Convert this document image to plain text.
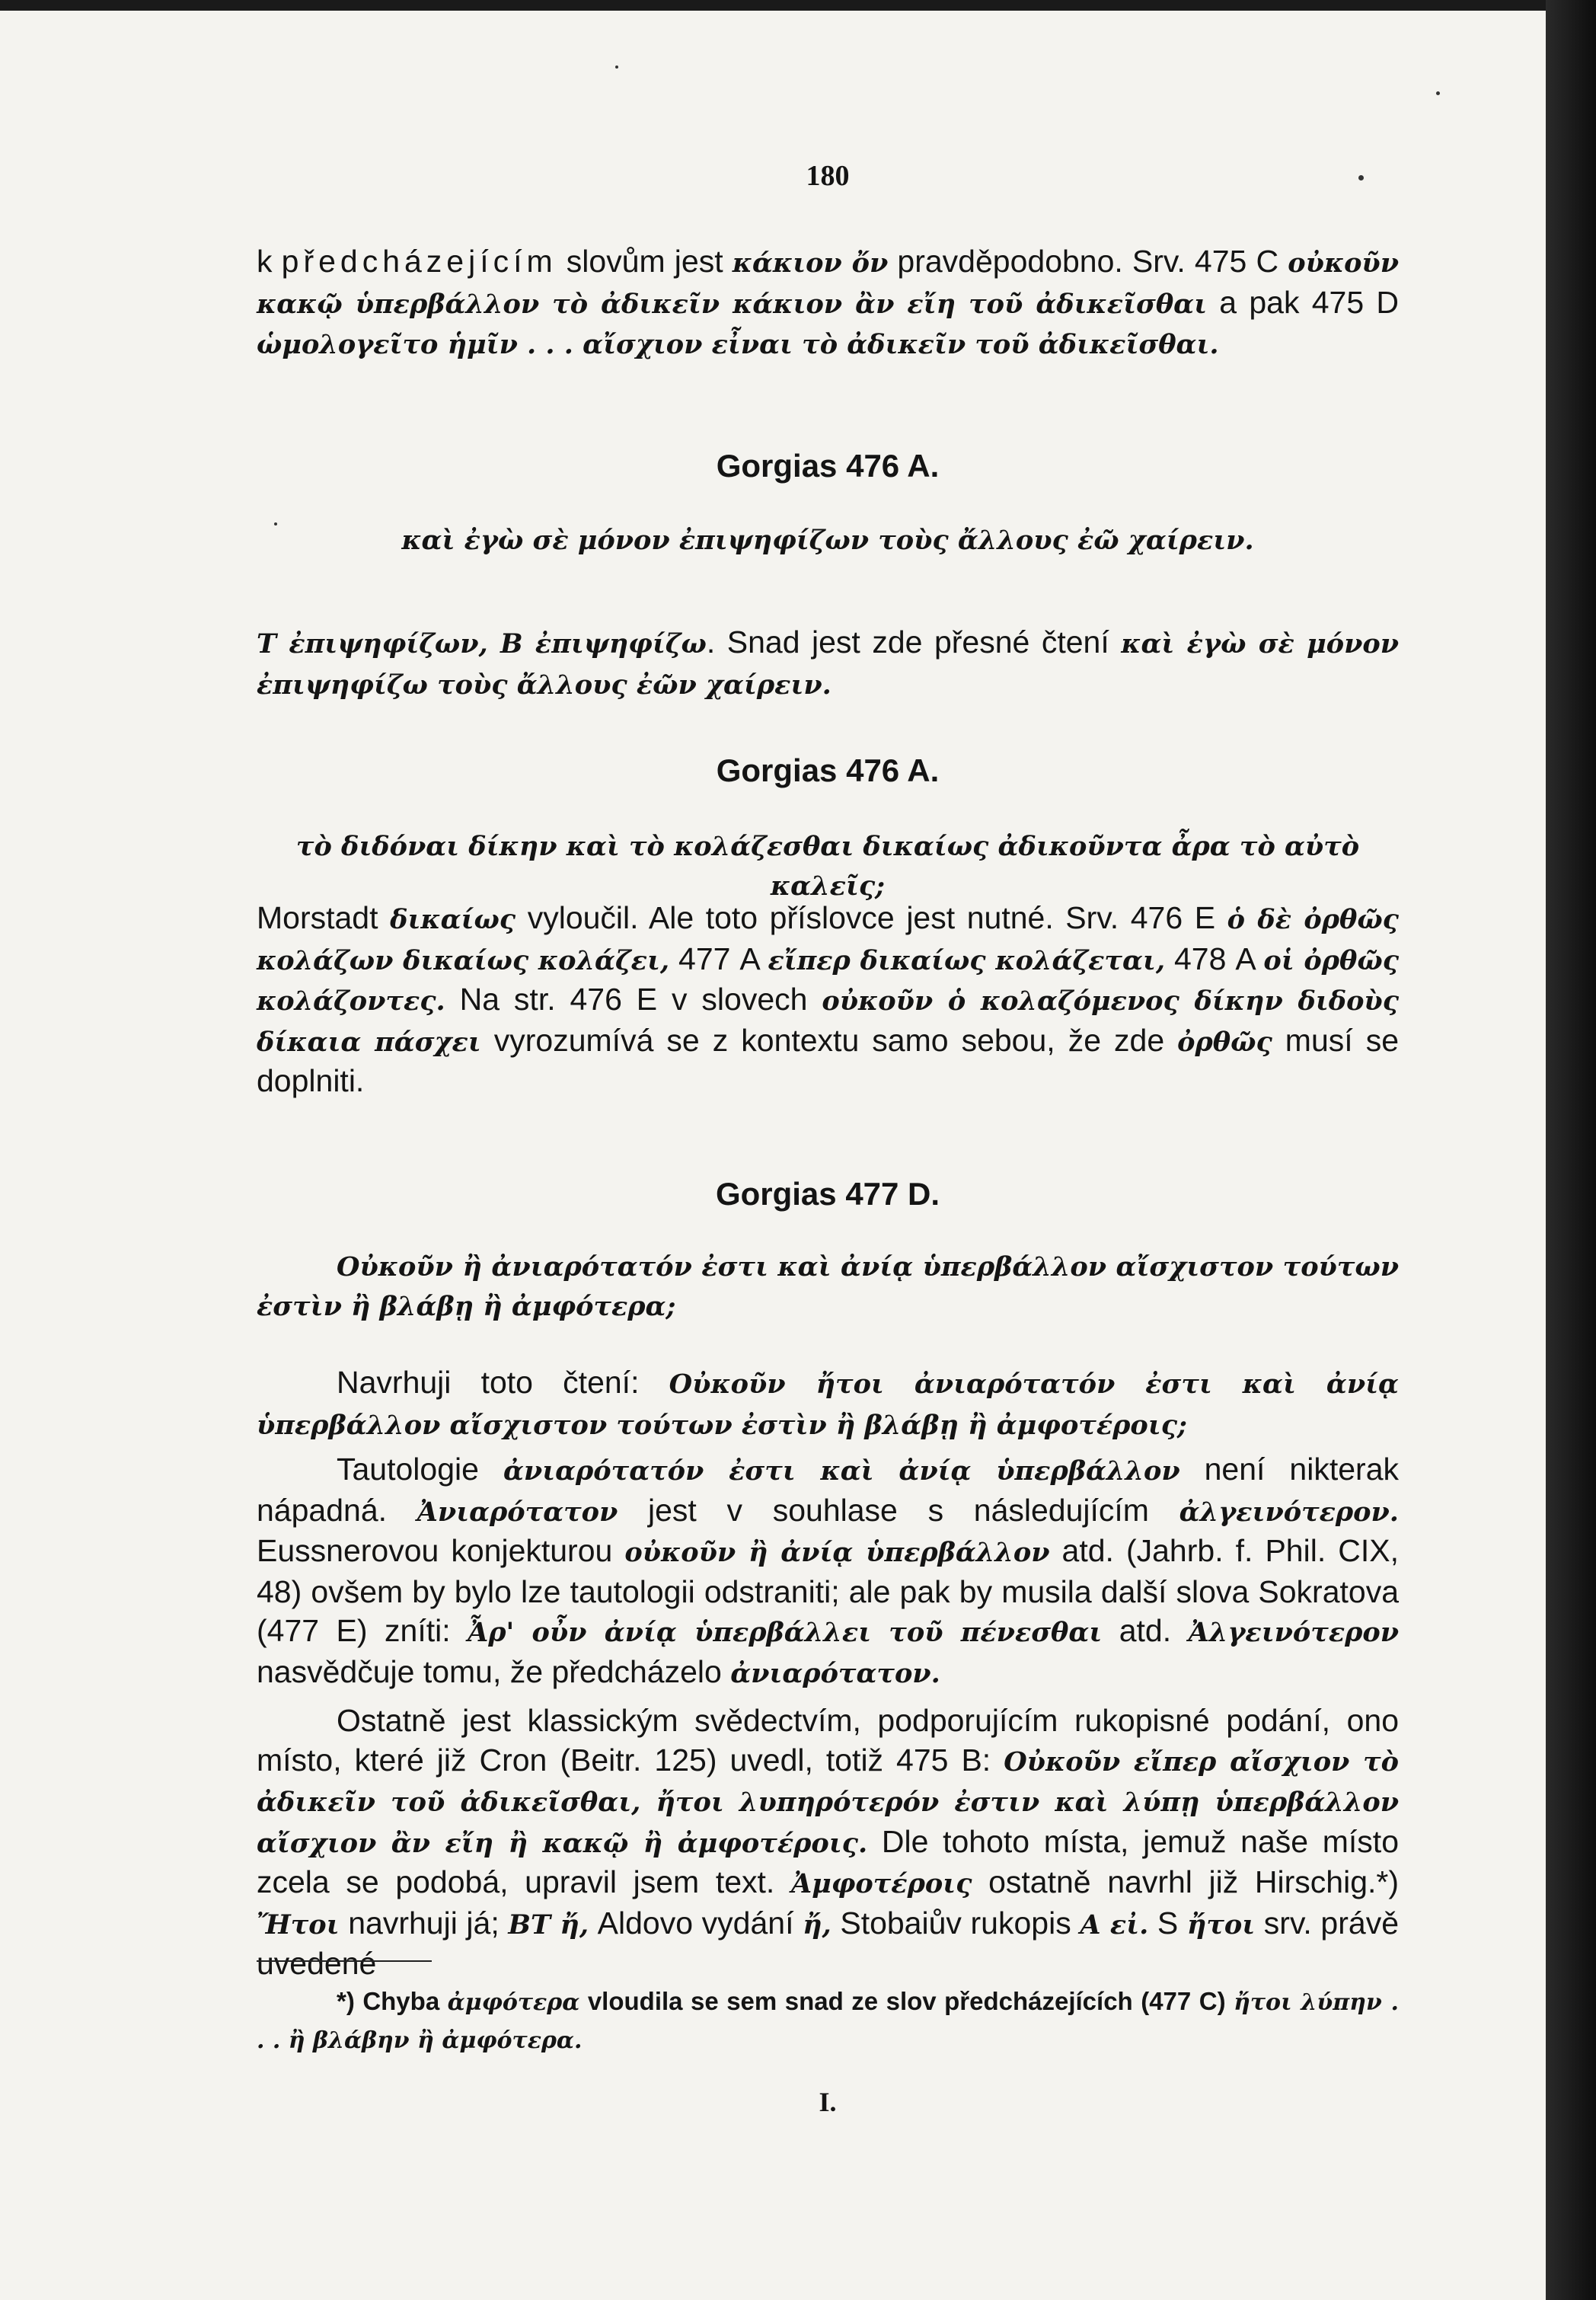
180

k předcházejícím slovům jest κάκιον ὄν pravděpodobno. Srv. 475 C οὐκοῦν κακῷ ὑπερβάλλον τὸ ἀδικεῖν κάκιον ἂν εἴη τοῦ ἀδικεῖσθαι a pak 475 D ὡμολογεῖτο ἡμῖν . . . αἴσχιον εἶναι τὸ ἀδικεῖν τοῦ ἀδικεῖσθαι.

Gorgias 476 A.

καὶ ἐγὼ σὲ μόνον ἐπιψηφίζων τοὺς ἄλλους ἐῶ χαίρειν.

T ἐπιψηφίζων, B ἐπιψηφίζω. Snad jest zde přesné čtení καὶ ἐγὼ σὲ μόνον ἐπιψηφίζω τοὺς ἄλλους ἐῶν χαίρειν.

Gorgias 476 A.

τὸ διδόναι δίκην καὶ τὸ κολάζεσθαι δικαίως ἀδικοῦντα ἆρα τὸ αὐτὸ καλεῖς;

Morstadt δικαίως vyloučil. Ale toto příslovce jest nutné. Srv. 476 E ὁ δὲ ὀρθῶς κολάζων δικαίως κολάζει, 477 A εἴπερ δικαίως κολάζεται, 478 A οἱ ὀρθῶς κολάζοντες. Na str. 476 E v slovech οὐκοῦν ὁ κολαζόμενος δίκην διδοὺς δίκαια πάσχει vyrozumívá se z kontextu samo sebou, že zde ὀρθῶς musí se doplniti.

Gorgias 477 D.

Οὐκοῦν ἢ ἀνιαρότατόν ἐστι καὶ ἀνίᾳ ὑπερβάλλον αἴσχιστον τούτων ἐστὶν ἢ βλάβῃ ἢ ἀμφότερα;

Navrhuji toto čtení: Οὐκοῦν ἤτοι ἀνιαρότατόν ἐστι καὶ ἀνίᾳ ὑπερβάλλον αἴσχιστον τούτων ἐστὶν ἢ βλάβῃ ἢ ἀμφοτέροις;

Tautologie ἀνιαρότατόν ἐστι καὶ ἀνίᾳ ὑπερβάλλον není nikterak nápadná. Ἀνιαρότατον jest v souhlase s následujícím ἀλγεινότερον. Eussnerovou konjekturou οὐκοῦν ἢ ἀνίᾳ ὑπερβάλλον atd. (Jahrb. f. Phil. CIX, 48) ovšem by bylo lze tautologii odstraniti; ale pak by musila další slova Sokratova (477 E) zníti: Ἆρ' οὖν ἀνίᾳ ὑπερβάλλει τοῦ πένεσθαι atd. Ἀλγεινότερον nasvědčuje tomu, že předcházelo ἀνιαρότατον.

Ostatně jest klassickým svědectvím, podporujícím rukopisné podání, ono místo, které již Cron (Beitr. 125) uvedl, totiž 475 B: Οὐκοῦν εἴπερ αἴσχιον τὸ ἀδικεῖν τοῦ ἀδικεῖσθαι, ἤτοι λυπηρότερόν ἐστιν καὶ λύπῃ ὑπερβάλλον αἴσχιον ἂν εἴη ἢ κακῷ ἢ ἀμφοτέροις. Dle tohoto místa, jemuž naše místo zcela se podobá, upravil jsem text. Ἀμφοτέροις ostatně navrhl již Hirschig.*) Ἤτοι navrhuji já; BT ἤ, Aldovo vydání ἤ, Stobaiův rukopis A εἰ. S ἤτοι srv. právě uvedené

*) Chyba ἀμφότερα vloudila se sem snad ze slov předcházejících (477 C) ἤτοι λύπην . . . ἢ βλάβην ἢ ἀμφότερα.

I.
